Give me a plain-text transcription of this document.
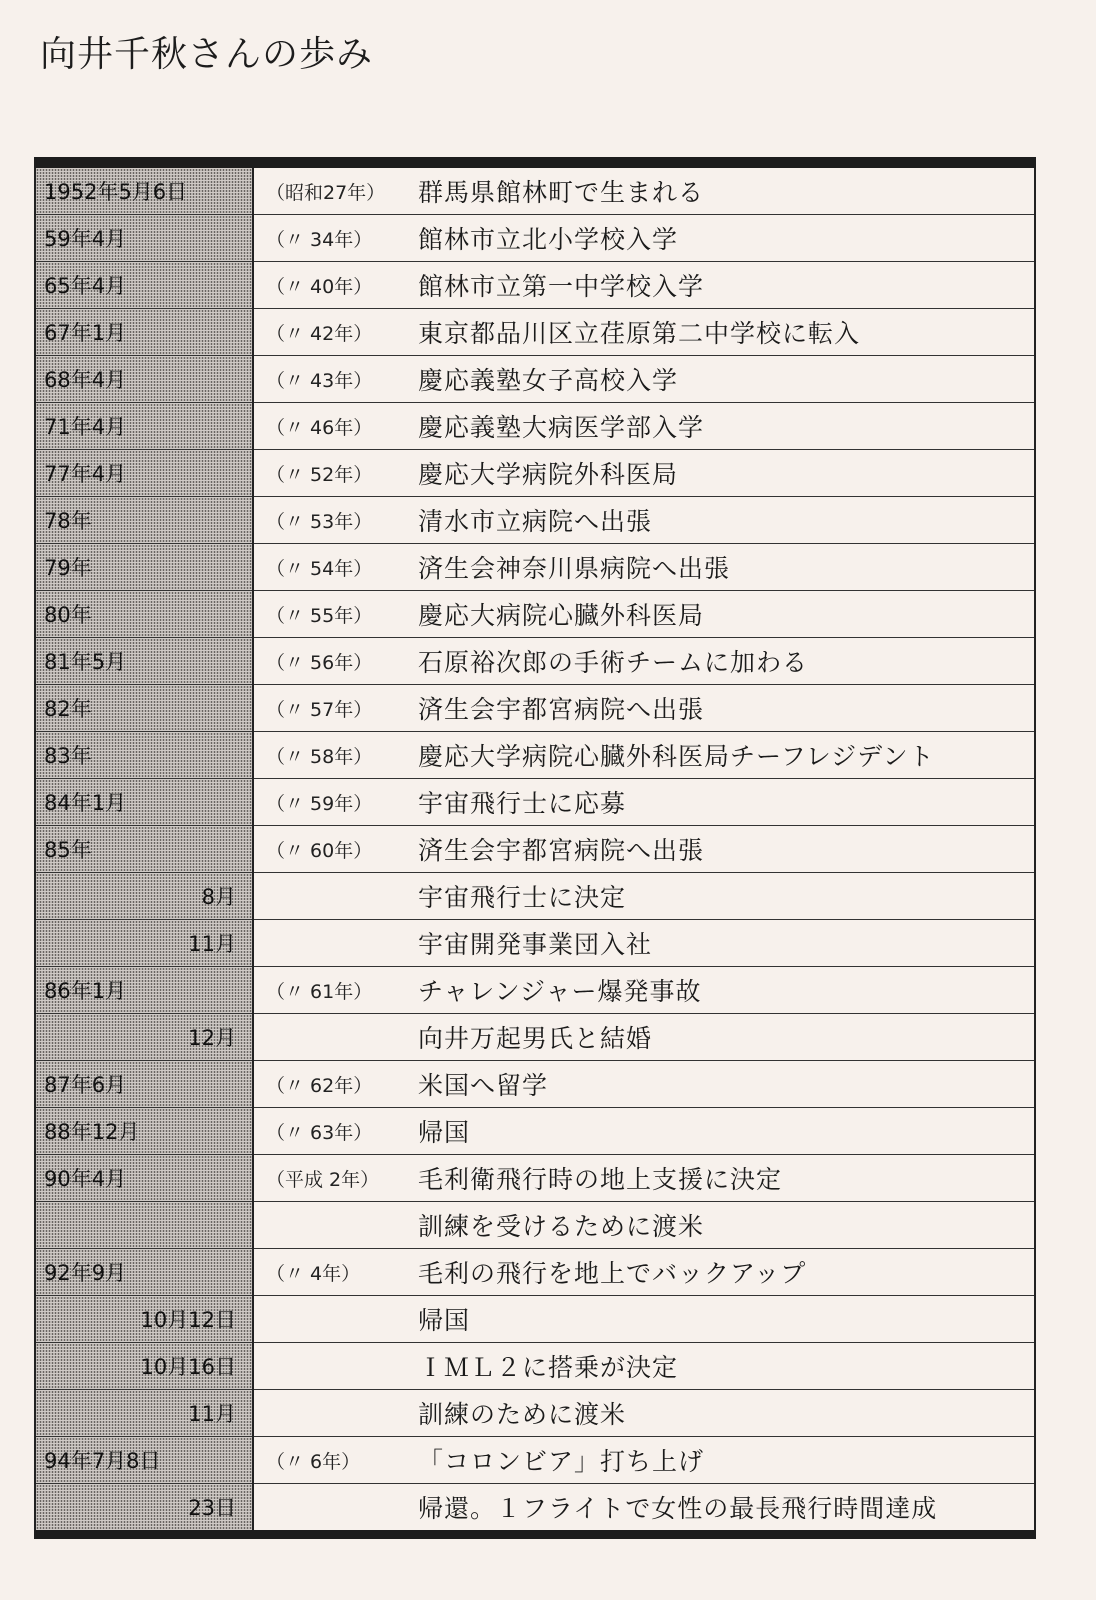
向井千秋さんの歩み
1952年5月6日	（昭和27年）	群馬県館林町で生まれる
59年4月	（〃 34年）	館林市立北小学校入学
65年4月	（〃 40年）	館林市立第一中学校入学
67年1月	（〃 42年）	東京都品川区立荏原第二中学校に転入
68年4月	（〃 43年）	慶応義塾女子高校入学
71年4月	（〃 46年）	慶応義塾大病医学部入学
77年4月	（〃 52年）	慶応大学病院外科医局
78年	（〃 53年）	清水市立病院へ出張
79年	（〃 54年）	済生会神奈川県病院へ出張
80年	（〃 55年）	慶応大病院心臓外科医局
81年5月	（〃 56年）	石原裕次郎の手術チームに加わる
82年	（〃 57年）	済生会宇都宮病院へ出張
83年	（〃 58年）	慶応大学病院心臓外科医局チーフレジデント
84年1月	（〃 59年）	宇宙飛行士に応募
85年	（〃 60年）	済生会宇都宮病院へ出張
8月		宇宙飛行士に決定
11月		宇宙開発事業団入社
86年1月	（〃 61年）	チャレンジャー爆発事故
12月		向井万起男氏と結婚
87年6月	（〃 62年）	米国へ留学
88年12月	（〃 63年）	帰国
90年4月	（平成 2年）	毛利衛飛行時の地上支援に決定
		訓練を受けるために渡米
92年9月	（〃 4年）	毛利の飛行を地上でバックアップ
10月12日		帰国
10月16日		ＩＭＬ２に搭乗が決定
11月		訓練のために渡米
94年7月8日	（〃 6年）	「コロンビア」打ち上げ
23日		帰還。１フライトで女性の最長飛行時間達成
